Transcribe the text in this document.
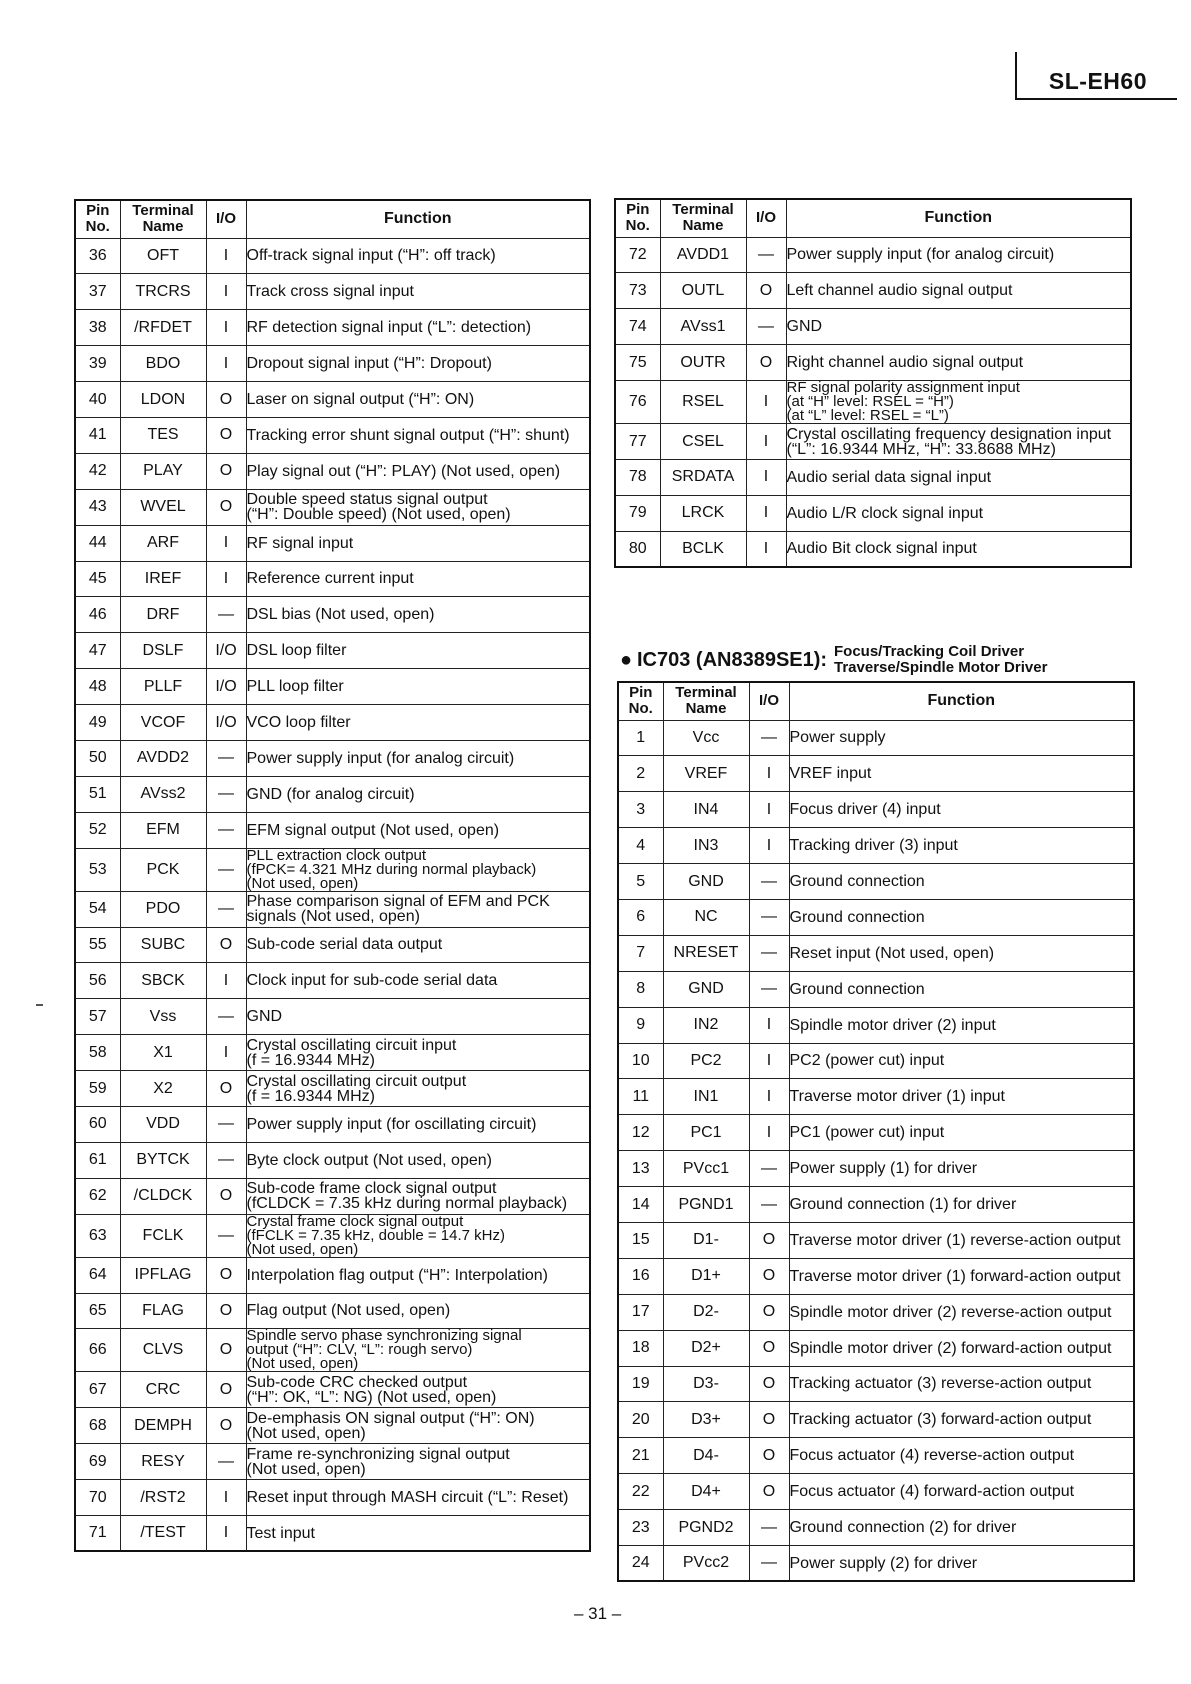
SL-EH60
Pin
No.	Terminal
Name	I/O	Function
36	OFT	I	Off-track signal input (“H”: off track)
37	TRCRS	I	Track cross signal input
38	/RFDET	I	RF detection signal input (“L”: detection)
39	BDO	I	Dropout signal input (“H”: Dropout)
40	LDON	O	Laser on signal output (“H”: ON)
41	TES	O	Tracking error shunt signal output (“H”: shunt)
42	PLAY	O	Play signal out (“H”: PLAY) (Not used, open)
43	WVEL	O	Double speed status signal output
(“H”: Double speed) (Not used, open)
44	ARF	I	RF signal input
45	IREF	I	Reference current input
46	DRF	—	DSL bias (Not used, open)
47	DSLF	I/O	DSL loop filter
48	PLLF	I/O	PLL loop filter
49	VCOF	I/O	VCO loop filter
50	AVDD2	—	Power supply input (for analog circuit)
51	AVss2	—	GND (for analog circuit)
52	EFM	—	EFM signal output (Not used, open)
53	PCK	—	PLL extraction clock output
(fPCK= 4.321 MHz during normal playback)
(Not used, open)
54	PDO	—	Phase comparison signal of EFM and PCK
signals (Not used, open)
55	SUBC	O	Sub-code serial data output
56	SBCK	I	Clock input for sub-code serial data
57	Vss	—	GND
58	X1	I	Crystal oscillating circuit input
(f = 16.9344 MHz)
59	X2	O	Crystal oscillating circuit output
(f = 16.9344 MHz)
60	VDD	—	Power supply input (for oscillating circuit)
61	BYTCK	—	Byte clock output (Not used, open)
62	/CLDCK	O	Sub-code frame clock signal output
(fCLDCK = 7.35 kHz during normal playback)
63	FCLK	—	Crystal frame clock signal output
(fFCLK = 7.35 kHz, double = 14.7 kHz)
(Not used, open)
64	IPFLAG	O	Interpolation flag output (“H”: Interpolation)
65	FLAG	O	Flag output (Not used, open)
66	CLVS	O	Spindle servo phase synchronizing signal
output (“H”: CLV, “L”: rough servo)
(Not used, open)
67	CRC	O	Sub-code CRC checked output
(“H”: OK, “L”: NG) (Not used, open)
68	DEMPH	O	De-emphasis ON signal output (“H”: ON)
(Not used, open)
69	RESY	—	Frame re-synchronizing signal output
(Not used, open)
70	/RST2	I	Reset input through MASH circuit (“L”: Reset)
71	/TEST	I	Test input
Pin
No.	Terminal
Name	I/O	Function
72	AVDD1	—	Power supply input (for analog circuit)
73	OUTL	O	Left channel audio signal output
74	AVss1	—	GND
75	OUTR	O	Right channel audio signal output
76	RSEL	I	RF signal polarity assignment input
(at “H” level: RSEL = “H”)
(at “L” level: RSEL = “L”)
77	CSEL	I	Crystal oscillating frequency designation input
(“L”: 16.9344 MHz, “H”: 33.8688 MHz)
78	SRDATA	I	Audio serial data signal input
79	LRCK	I	Audio L/R clock signal input
80	BCLK	I	Audio Bit clock signal input
● IC703 (AN8389SE1): Focus/Tracking Coil Driver
Traverse/Spindle Motor Driver
Pin
No.	Terminal
Name	I/O	Function
1	Vcc	—	Power supply
2	VREF	I	VREF input
3	IN4	I	Focus driver (4) input
4	IN3	I	Tracking driver (3) input
5	GND	—	Ground connection
6	NC	—	Ground connection
7	NRESET	—	Reset input (Not used, open)
8	GND	—	Ground connection
9	IN2	I	Spindle motor driver (2) input
10	PC2	I	PC2 (power cut) input
11	IN1	I	Traverse motor driver (1) input
12	PC1	I	PC1 (power cut) input
13	PVcc1	—	Power supply (1) for driver
14	PGND1	—	Ground connection (1) for driver
15	D1-	O	Traverse motor driver (1) reverse-action output
16	D1+	O	Traverse motor driver (1) forward-action output
17	D2-	O	Spindle motor driver (2) reverse-action output
18	D2+	O	Spindle motor driver (2) forward-action output
19	D3-	O	Tracking actuator (3) reverse-action output
20	D3+	O	Tracking actuator (3) forward-action output
21	D4-	O	Focus actuator (4) reverse-action output
22	D4+	O	Focus actuator (4) forward-action output
23	PGND2	—	Ground connection (2) for driver
24	PVcc2	—	Power supply (2) for driver
– 31 –
